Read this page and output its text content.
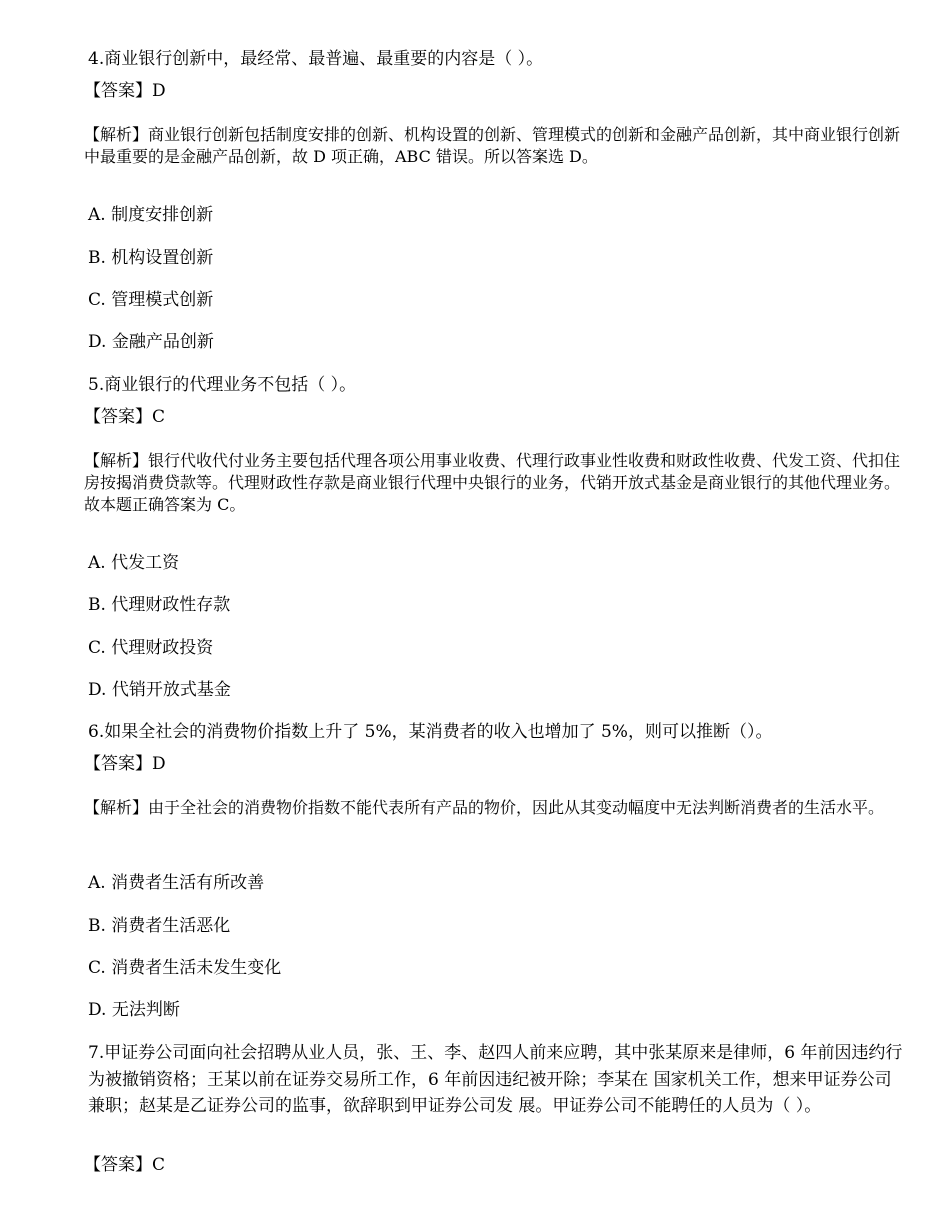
4.商业银行创新中，最经常、最普遍、最重要的内容是（ ）。
【答案】D
【解析】商业银行创新包括制度安排的创新、机构设置的创新、管理模式的创新和金融产品创新，其中商业银行创新中最重要的是金融产品创新，故 D 项正确，ABC 错误。所以答案选 D。
A. 制度安排创新
B. 机构设置创新
C. 管理模式创新
D. 金融产品创新
5.商业银行的代理业务不包括（ ）。
【答案】C
【解析】银行代收代付业务主要包括代理各项公用事业收费、代理行政事业性收费和财政性收费、代发工资、代扣住房按揭消费贷款等。代理财政性存款是商业银行代理中央银行的业务，代销开放式基金是商业银行的其他代理业务。故本题正确答案为 C。
A. 代发工资
B. 代理财政性存款
C. 代理财政投资
D. 代销开放式基金
6.如果全社会的消费物价指数上升了 5%，某消费者的收入也增加了 5%，则可以推断（）。
【答案】D
【解析】由于全社会的消费物价指数不能代表所有产品的物价，因此从其变动幅度中无法判断消费者的生活水平。
A. 消费者生活有所改善
B. 消费者生活恶化
C. 消费者生活未发生变化
D. 无法判断
7.甲证券公司面向社会招聘从业人员，张、王、李、赵四人前来应聘，其中张某原来是律师，6 年前因违约行为被撤销资格；王某以前在证券交易所工作，6 年前因违纪被开除；李某在 国家机关工作，想来甲证券公司兼职；赵某是乙证券公司的监事，欲辞职到甲证券公司发 展。甲证券公司不能聘任的人员为（ ）。
【答案】C
